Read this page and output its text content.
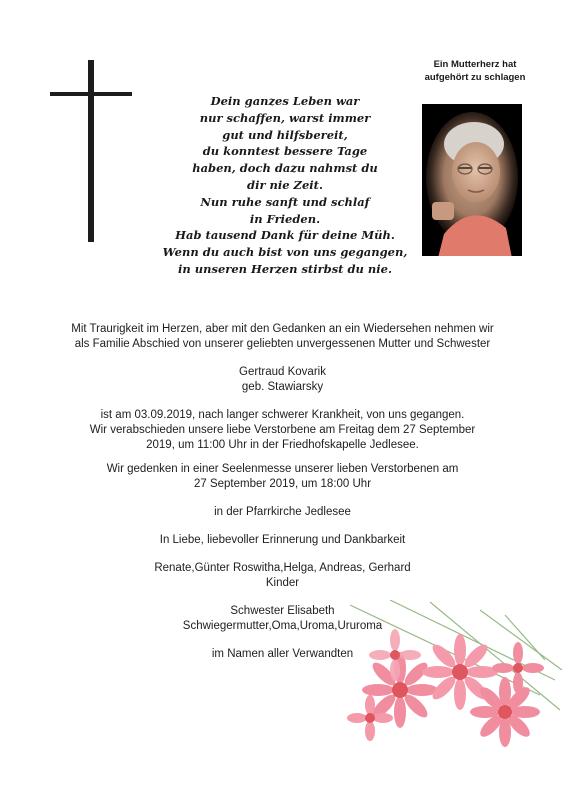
Dein ganzes Leben war
nur schaffen, warst immer
gut und hilfsbereit,
du konntest bessere Tage
haben, doch dazu nahmst du
dir nie Zeit.
Nun ruhe sanft und schlaf
in Frieden.
Hab tausend Dank für deine Müh.
Wenn du auch bist von uns gegangen,
in unseren Herzen stirbst du nie.
Ein Mutterherz hat
aufgehört zu schlagen
Mit Traurigkeit im Herzen, aber mit den Gedanken an ein Wiedersehen nehmen wir
als Familie Abschied von unserer geliebten unvergessenen Mutter und Schwester
Gertraud Kovarik
geb. Stawiarsky
ist am 03.09.2019, nach langer schwerer Krankheit, von uns gegangen.
Wir verabschieden unsere liebe Verstorbene am Freitag dem 27 September
2019, um 11:00 Uhr in der Friedhofskapelle Jedlesee.
Wir gedenken in einer Seelenmesse unserer lieben Verstorbenen am
27 September 2019, um 18:00 Uhr
in der Pfarrkirche Jedlesee
In Liebe, liebevoller Erinnerung und Dankbarkeit
Renate,Günter Roswitha,Helga, Andreas, Gerhard
Kinder
Schwester Elisabeth
Schwiegermutter,Oma,Uroma,Ururoma
im Namen aller Verwandten
